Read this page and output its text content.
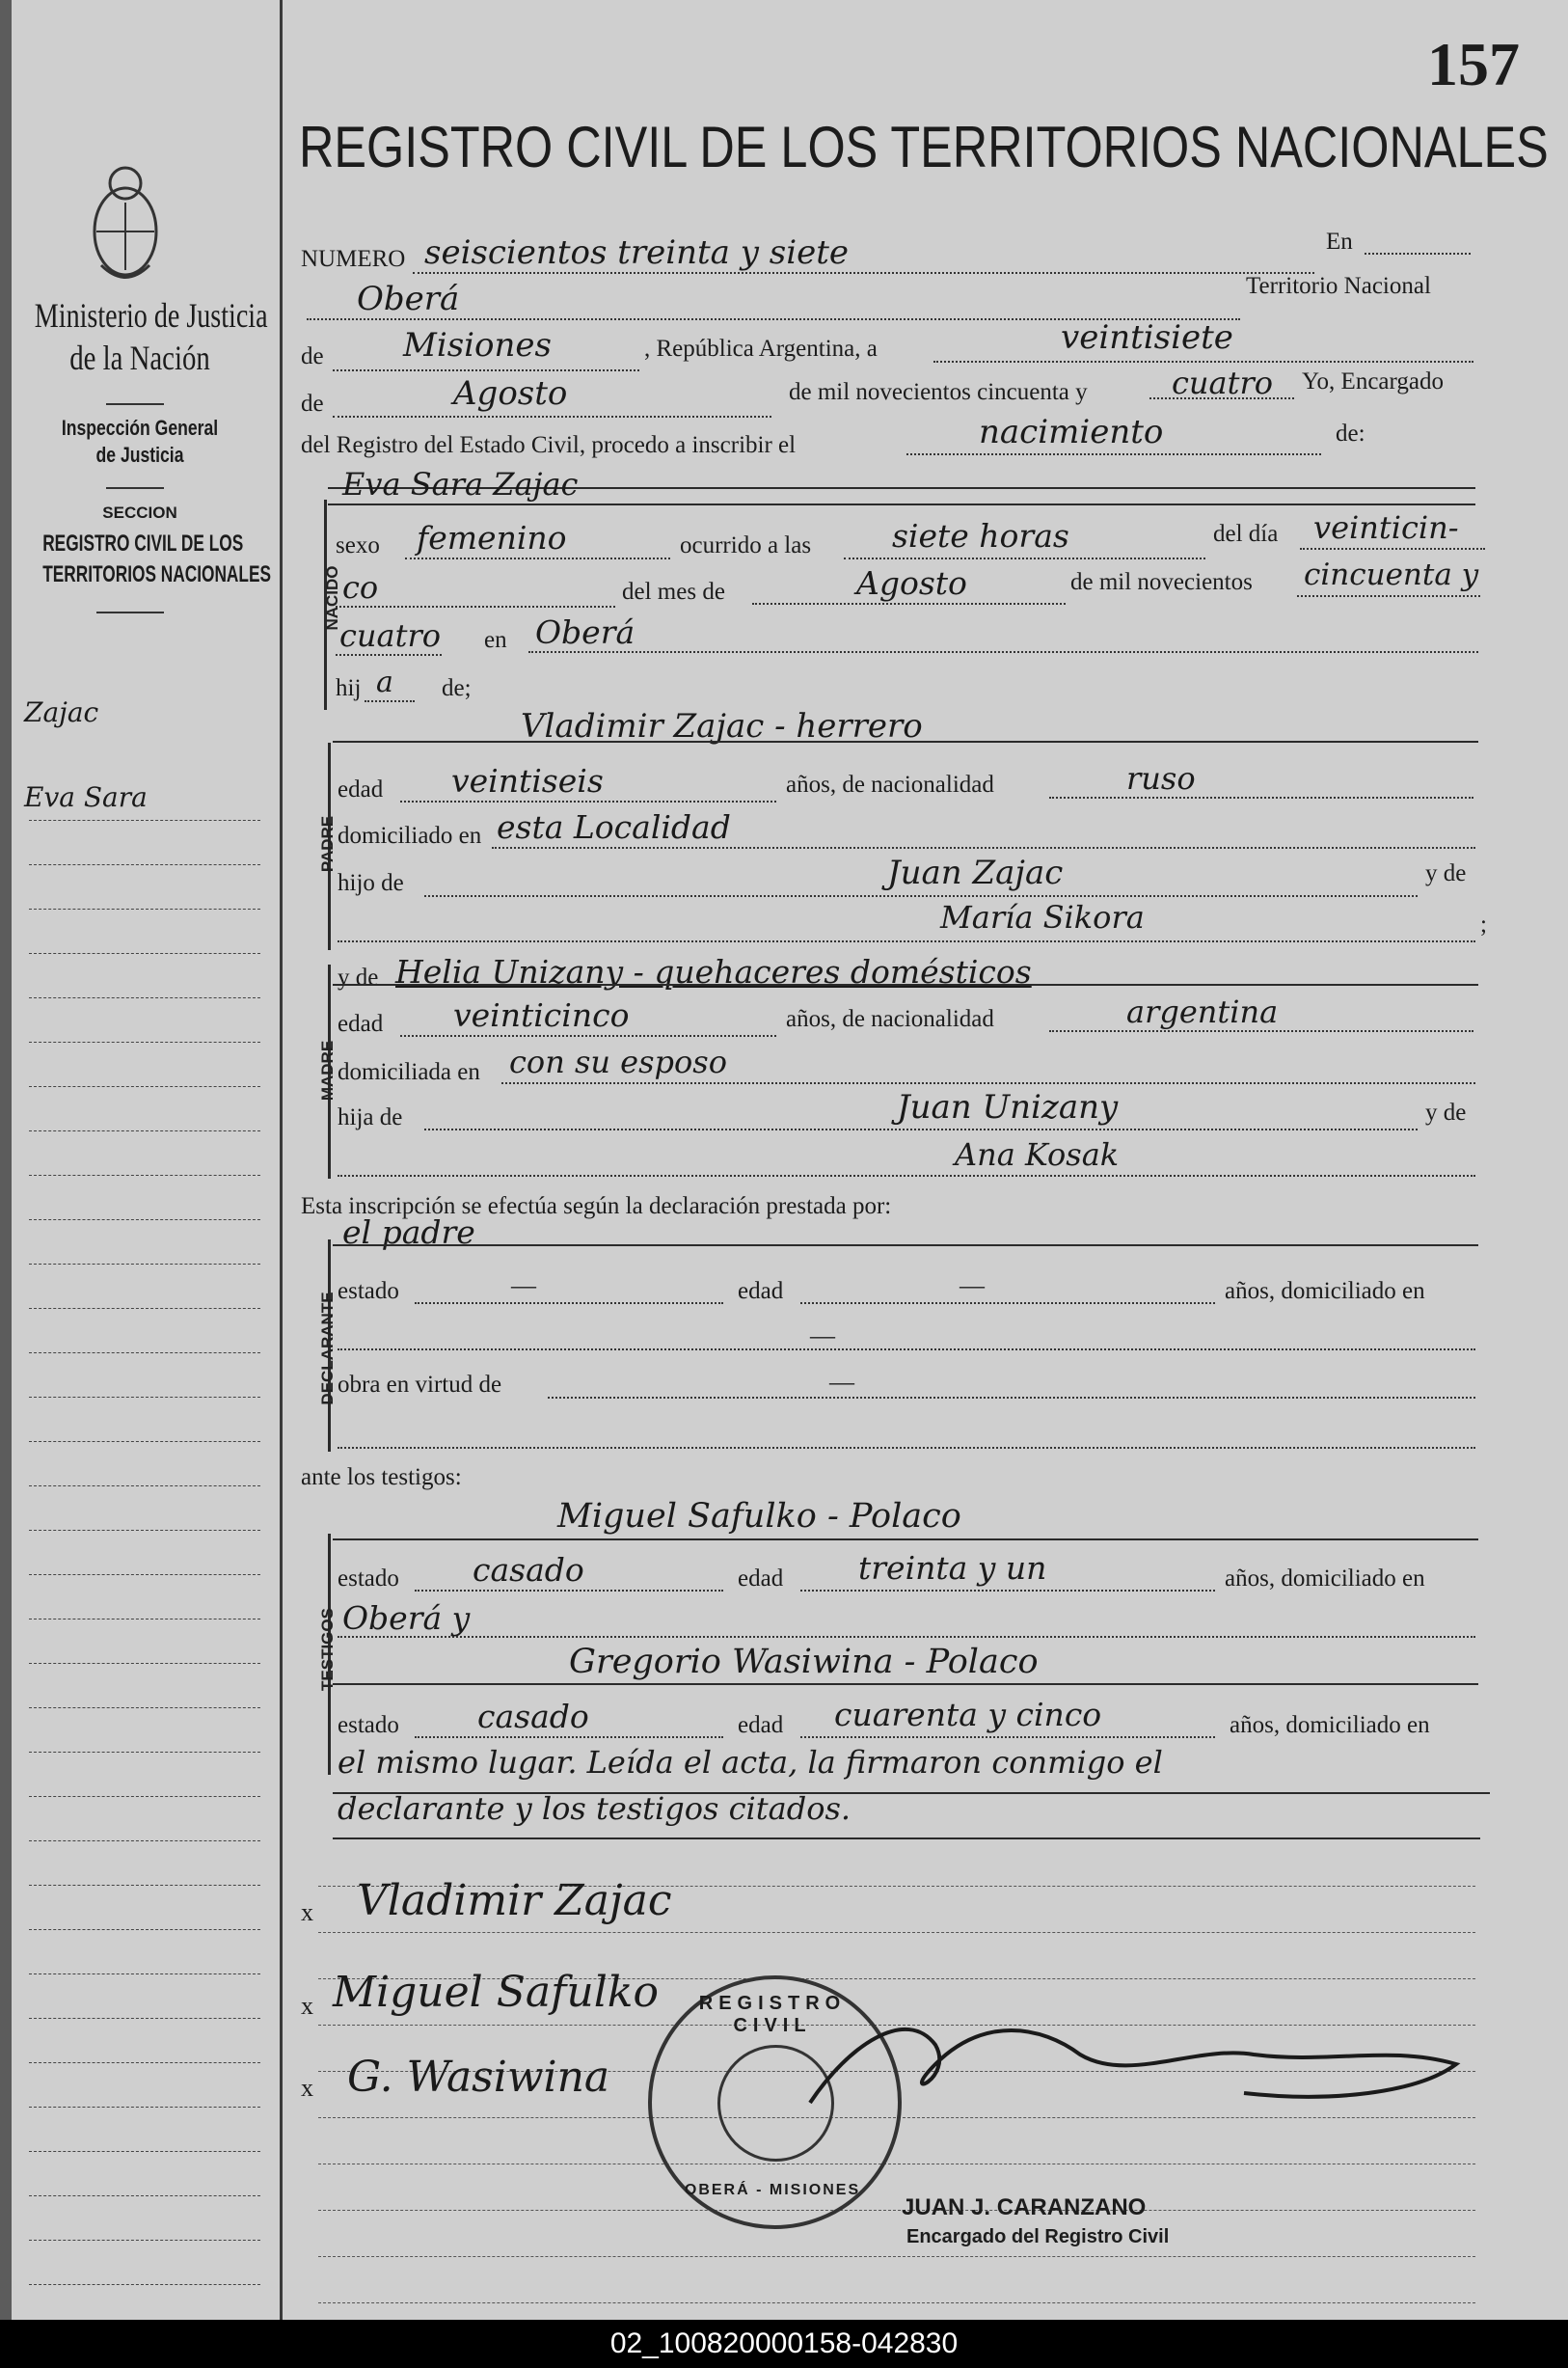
Ministerio de Justicia
de la Nación
Inspección General
de Justicia
SECCION
REGISTRO CIVIL DE LOS
TERRITORIOS NACIONALES
Zajac
Eva Sara
157
REGISTRO CIVIL DE LOS TERRITORIOS NACIONALES
NUMERO seiscientos treinta y siete	En
Oberá	Territorio Nacional
de Misiones	, República Argentina, a	veintisiete
de	Agosto	de mil novecientos cincuenta y	cuatro Yo, Encargado
del Registro del Estado Civil, procedo a inscribir el	nacimiento	de:
NACIDO
Eva Sara Zajac
sexo femenino	ocurrido a las	siete horas	del día veinticin-
co	del mes de	Agosto	de mil novecientos cincuenta y
cuatro en Oberá
hij a de;
PADRE
Vladimir Zajac - herrero
edad veintiseis	años, de nacionalidad	ruso
domiciliado en esta Localidad
hijo de	Juan Zajac	y de
María Sikora	;
MADRE
y de Helia Unizany - quehaceres domésticos
edad veinticinco	años, de nacionalidad	argentina
domiciliada en con su esposo
hija de	Juan Unizany	y de
Ana Kosak
Esta inscripción se efectúa según la declaración prestada por:
DECLARANTE
el padre
estado	—	edad	—	años, domiciliado en
—
obra en virtud de	—
ante los testigos:
TESTIGOS
Miguel Safulko - Polaco
estado casado	edad treinta y un	años, domiciliado en
Oberá y
Gregorio Wasiwina - Polaco
estado casado	edad cuarenta y cinco	años, domiciliado en
el mismo lugar. Leída el acta, la firmaron conmigo el
declarante y los testigos citados.
x Vladimir Zajac
x Miguel Safulko
x G. Wasiwina
REGISTRO CIVIL
OBERÁ - MISIONES
JUAN J. CARANZANO
Encargado del Registro Civil
02_100820000158-042830
